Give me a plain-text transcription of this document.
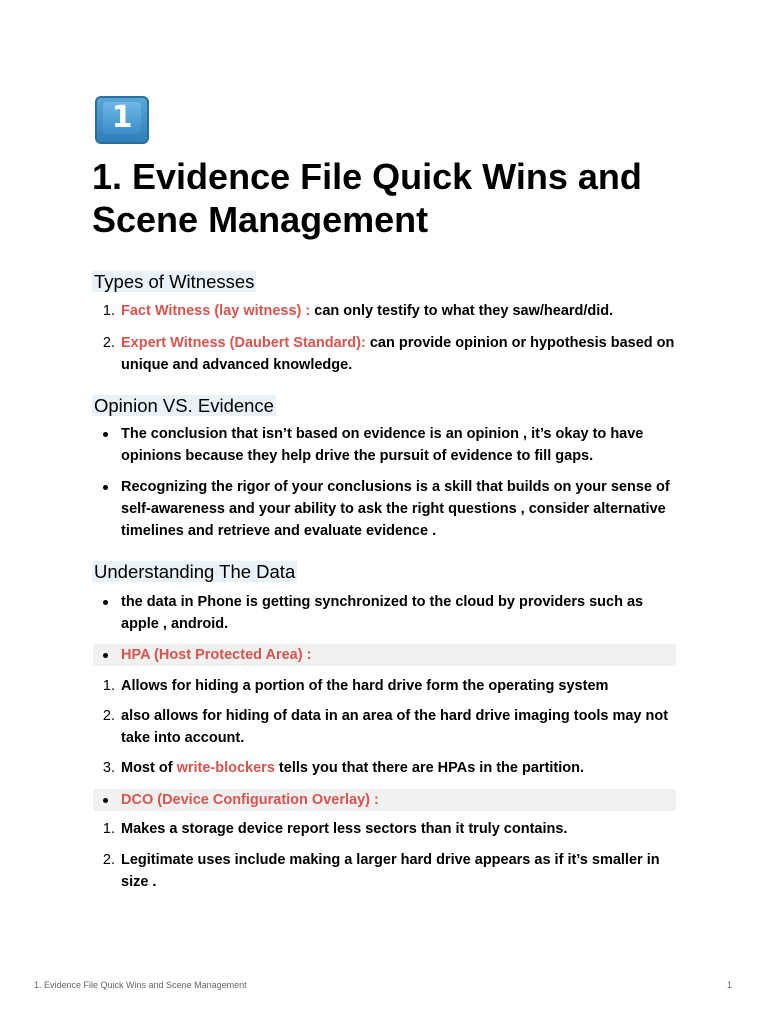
1
1. Evidence File Quick Wins and Scene Management
Types of Witnesses
1. Fact Witness (lay witness) : can only testify to what they saw/heard/did.
2. Expert Witness (Daubert Standard): can provide opinion or hypothesis based on unique and advanced knowledge.
Opinion VS. Evidence
The conclusion that isn’t based on evidence is an opinion , it’s okay to have opinions because they help drive the pursuit of evidence to fill gaps.
Recognizing the rigor of your conclusions is a skill that builds on your sense of self-awareness and your ability to ask the right questions , consider alternative timelines and retrieve and evaluate evidence .
Understanding The Data
the data in Phone is getting synchronized to the cloud by providers such as apple , android.
HPA (Host Protected Area) :
1. Allows for hiding a portion of the hard drive form the operating system
2. also allows for hiding of data in an area of the hard drive imaging tools may not take into account.
3. Most of write-blockers tells you that there are HPAs in the partition.
DCO (Device Configuration Overlay) :
1. Makes a storage device report less sectors than it truly contains.
2. Legitimate uses include making a larger hard drive appears as if it’s smaller in size .
1. Evidence File Quick Wins and Scene Management	1
